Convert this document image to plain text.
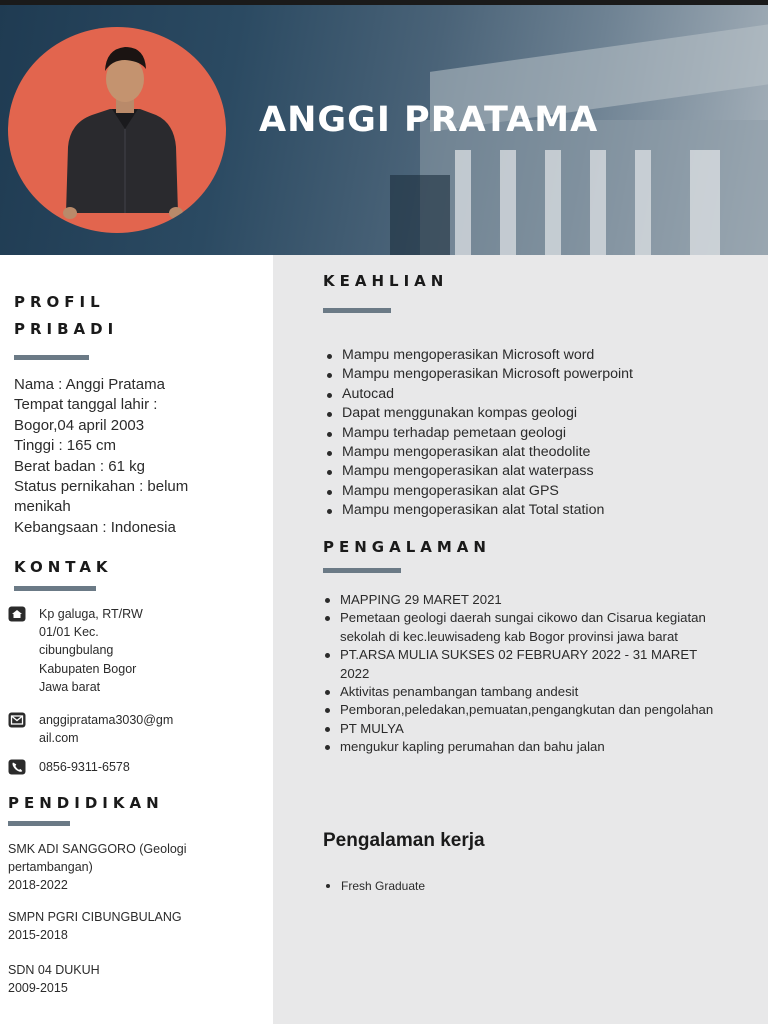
ANGGI PRATAMA
PROFIL
PRIBADI
Nama : Anggi Pratama
Tempat tanggal lahir :
Bogor,04 april 2003
Tinggi : 165 cm
Berat badan : 61 kg
Status pernikahan : belum
menikah
Kebangsaan : Indonesia
KONTAK
Kp galuga, RT/RW
01/01 Kec.
cibungbulang
Kabupaten Bogor
Jawa barat
anggipratama3030@gm
ail.com
0856-9311-6578
PENDIDIKAN
SMK ADI SANGGORO (Geologi
pertambangan)
2018-2022
SMPN PGRI CIBUNGBULANG
2015-2018
SDN 04 DUKUH
2009-2015
KEAHLIAN
Mampu mengoperasikan Microsoft word
Mampu mengoperasikan Microsoft powerpoint
Autocad
Dapat menggunakan kompas geologi
Mampu terhadap pemetaan geologi
Mampu mengoperasikan alat theodolite
Mampu mengoperasikan alat waterpass
Mampu mengoperasikan alat GPS
Mampu mengoperasikan alat Total station
PENGALAMAN
MAPPING 29 MARET 2021
Pemetaan geologi daerah sungai cikowo dan Cisarua kegiatan sekolah di kec.leuwisadeng kab Bogor provinsi jawa barat
PT.ARSA MULIA SUKSES 02 FEBRUARY 2022 - 31 MARET 2022
Aktivitas penambangan tambang andesit
Pemboran,peledakan,pemuatan,pengangkutan dan pengolahan
PT MULYA
mengukur kapling perumahan dan bahu jalan
Pengalaman kerja
Fresh Graduate
